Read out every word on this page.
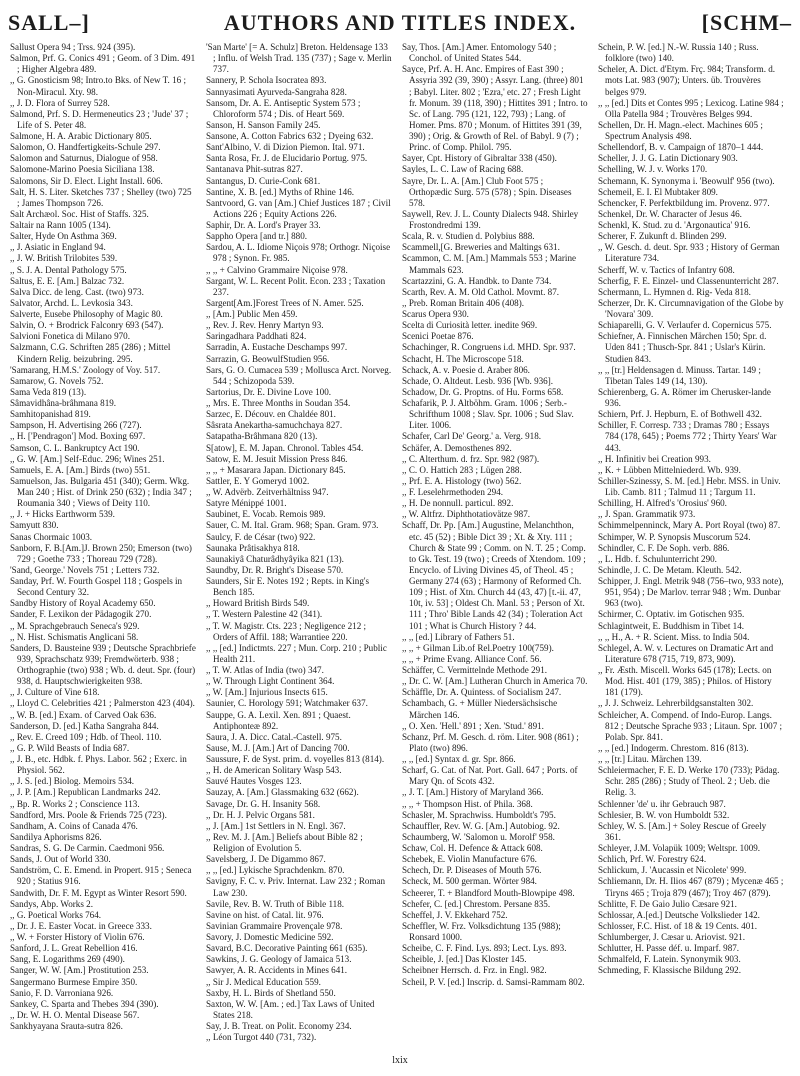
SALL–]	AUTHORS AND TITLES INDEX.	[SCHM–

Sallust Opera 94 ; Trss. 924 (395).

Salmon, Prf. G. Conics 491 ; Geom. of 3 Dim. 491 ; Higher Algebra 489.

,, G. Gnosticism 98; Intro.to Bks. of New T. 16 ; Non-Miracul. Xty. 98.

,, J. D. Flora of Surrey 528.

Salmond, Prf. S. D. Hermeneutics 23 ; 'Jude' 37 ; Life of S. Peter 48.

Salmone, H. A. Arabic Dictionary 805.

Salomon, O. Handfertigkeits-Schule 297.

Salomon and Saturnus, Dialogue of 958.

Salomone-Marino Poesia Siciliana 138.

Salomons, Sir D. Elect. Light Install. 606.

Salt, H. S. Liter. Sketches 737 ; Shelley (two) 725 ; James Thompson 726.

Salt Archæol. Soc. Hist of Staffs. 325.

Saltair na Rann 1005 (134).

Salter, Hyde On Asthma 369.

,, J. Asiatic in England 94.

,, J. W. British Trilobites 539.

,, S. J. A. Dental Pathology 575.

Saltus, E. E. [Am.] Balzac 732.

Salva Dicc. de leng. Cast. (two) 973.

Salvator, Archd. L. Levkosia 343.

Salverte, Eusebe Philosophy of Magic 80.

Salvin, O. + Brodrick Falconry 693 (547).

Salvioni Fonetica di Milano 970.

Salzmann, C.G. Schriften 285 (286) ; Mittel Kindern Relig. beizubring. 295.

'Samarang, H.M.S.' Zoology of Voy. 517.

Samarow, G. Novels 752.

Sama Veda 819 (13).

Sâmavidhâna-brâhmana 819.

Samhitopanishad 819.

Sampson, H. Advertising 266 (727).

,, H. ['Pendragon'] Mod. Boxing 697.

Samson, C. L. Bankruptcy Act 190.

,, G. W. [Am.] Self-Educ. 296; Wines 251.

Samuels, E. A. [Am.] Birds (two) 551.

Samuelson, Jas. Bulgaria 451 (340); Germ. Wkg. Man 240 ; Hist. of Drink 250 (632) ; India 347 ; Roumania 340 ; Views of Deity 110.

,, J. + Hicks Earthworm 539.

Samyutt 830.

Sanas Chormaic 1003.

Sanborn, F. B.[Am.]J. Brown 250; Emerson (two) 729 ; Goethe 733 ; Thoreau 729 (728).

'Sand, George.' Novels 751 ; Letters 732.

Sanday, Prf. W. Fourth Gospel 118 ; Gospels in Second Century 32.

Sandby History of Royal Academy 650.

Sander, F. Lexikon der Pädagogik 270.

,, M. Sprachgebrauch Seneca's 929.

,, N. Hist. Schismatis Anglicani 58.

Sanders, D. Bausteine 939 ; Deutsche Sprachbriefe 939, Sprachschatz 939; Fremdwörterb. 938 ; Orthographie (two) 938 ; Wb. d. deut. Spr. (four) 938, d. Hauptschwierigkeiten 938.

,, J. Culture of Vine 618.

,, Lloyd C. Celebrities 421 ; Palmerston 423 (404).

,, W. B. [ed.] Exam. of Carved Oak 636.

Sanderson, D. [ed.] Katha Sangraha 844.

,, Rev. E. Creed 109 ; Hdb. of Theol. 110.

,, G. P. Wild Beasts of India 687.

,, J. B., etc. Hdbk. f. Phys. Labor. 562 ; Exerc. in Physiol. 562.

,, J. S. [ed.] Biolog. Memoirs 534.

,, J. P. [Am.] Republican Landmarks 242.

,, Bp. R. Works 2 ; Conscience 113.

Sandford, Mrs. Poole & Friends 725 (723).

Sandham, A. Coins of Canada 476.

Sandilya Aphorisms 826.

Sandras, S. G. De Carmin. Caedmoni 956.

Sands, J. Out of World 330.

Sandström, C. E. Emend. in Propert. 915 ; Seneca 920 ; Statius 916.

Sandwith, Dr. F. M. Egypt as Winter Resort 590.

Sandys, Abp. Works 2.

,, G. Poetical Works 764.

,, Dr. J. E. Easter Vocat. in Greece 333.

,, W. + Forster History of Violin 676.

Sanford, J. L. Great Rebellion 416.

Sang, E. Logarithms 269 (490).

Sanger, W. W. [Am.] Prostitution 253.

Sangermano Burmese Empire 350.

Sanio, F. D. Varroniana 926.

Sankey, C. Sparta and Thebes 394 (390).

,, Dr. W. H. O. Mental Disease 567.

Sankhyayana Srauta-sutra 826.

'San Marte' [= A. Schulz] Breton. Heldensage 133 ; Influ. of Welsh Trad. 135 (737) ; Sage v. Merlin 737.

Sannery, P. Schola Isocratea 893.

Sannyasimati Ayurveda-Sangraha 828.

Sansom, Dr. A. E. Antiseptic System 573 ; Chloroform 574 ; Dis. of Heart 569.

Sanson, H. Sanson Family 245.

Sansone, A. Cotton Fabrics 632 ; Dyeing 632.

Sant'Albino, V. di Dizion Piemon. Ital. 971.

Santa Rosa, Fr. J. de Elucidario Portug. 975.

Santanava Phit-sutras 827.

Santangus, D. Curie-Conk 681.

Santine, X. B. [ed.] Myths of Rhine 146.

Santvoord, G. van [Am.] Chief Justices 187 ; Civil Actions 226 ; Equity Actions 226.

Saphir, Dr. A. Lord's Prayer 33.

Sappho Opera [and tr.] 880.

Sardou, A. L. Idiome Niçois 978; Orthogr. Niçoise 978 ; Synon. Fr. 985.

,, ,, + Calvino Grammaire Niçoise 978.

Sargant, W. L. Recent Polit. Econ. 233 ; Taxation 237.

Sargent[Am.]Forest Trees of N. Amer. 525.

,, [Am.] Public Men 459.

,, Rev. J. Rev. Henry Martyn 93.

Saringadhara Paddhati 824.

Sarradin, A. Eustache Deschamps 997.

Sarrazin, G. BeowulfStudien 956.

Sars, G. O. Cumacea 539 ; Mollusca Arct. Norveg. 544 ; Schizopoda 539.

Sartorius, Dr. E. Divine Love 100.

,, Mrs. E. Three Months in Soudan 354.

Sarzec, E. Découv. en Chaldée 801.

Sâsrata Anekartha-samuchchaya 827.

Satapatha-Brâhmana 820 (13).

S[atow], E. M. Japan. Chronol. Tables 454.

Satow, E. M. Jesuit Mission Press 846.

,, ,, + Masarara Japan. Dictionary 845.

Sattler, E. Y Gomeryd 1002.

,, W. Advërb. Zeitverhältniss 947.

Satyre Ménippé 1001.

Saubinet, E. Vocab. Remois 989.

Sauer, C. M. Ital. Gram. 968; Span. Gram. 973.

Saulcy, F. de César (two) 922.

Saunaka Prâtisakhya 818.

Saunakiyâ Chaturâdhyâyika 821 (13).

Saundby, Dr. R. Bright's Disease 570.

Saunders, Sir E. Notes 192 ; Repts. in King's Bench 185.

,, Howard British Birds 549.

,, T. Western Palestine 42 (341).

,, T. W. Magistr. Cts. 223 ; Negligence 212 ; Orders of Affil. 188; Warrantiee 220.

,, ,, [ed.] Indictmts. 227 ; Mun. Corp. 210 ; Public Health 211.

,, T. W. Atlas of India (two) 347.

,, W. Through Light Continent 364.

,, W. [Am.] Injurious Insects 615.

Saunier, C. Horology 591; Watchmaker 637.

Sauppe, G. A. Lexil. Xen. 891 ; Quaest. Antiphonteæ 892.

Saura, J. A. Dicc. Catal.-Castell. 975.

Sause, M. J. [Am.] Art of Dancing 700.

Saussure, F. de Syst. prim. d. voyelles 813 (814).

,, H. de American Solitary Wasp 543.

Sauvé Hautes Vosges 123.

Sauzay, A. [Am.] Glassmaking 632 (662).

Savage, Dr. G. H. Insanity 568.

,, Dr. H. J. Pelvic Organs 581.

,, J. [Am.] 1st Settlers in N. Engl. 367.

,, Rev. M. J. [Am.] Beliefs about Bible 82 ; Religion of Evolution 5.

Savelsberg, J. De Digammo 867.

,, ,, [ed.] Lykische Sprachdenkm. 870.

Savigny, F. C. v. Priv. Internat. Law 232 ; Roman Law 230.

Savile, Rev. B. W. Truth of Bible 118.

Savine on hist. of Catal. lit. 976.

Savinian Grammaire Provençale 978.

Savory, J. Domestic Medicine 592.

Savard, B.C. Decorative Painting 661 (635).

Sawkins, J. G. Geology of Jamaica 513.

Sawyer, A. R. Accidents in Mines 641.

,, Sir J. Medical Education 559.

Saxby, H. L. Birds of Shetland 550.

Saxton, W. W. [Am. ; ed.] Tax Laws of United States 218.

Say, J. B. Treat. on Polit. Economy 234.

,, Léon Turgot 440 (731, 732).

Say, Thos. [Am.] Amer. Entomology 540 ; Conchol. of United States 544.

Sayce, Prf. A. H. Anc. Empires of East 390 ; Assyria 392 (39, 390) ; Assyr. Lang. (three) 801 ; Babyl. Liter. 802 ; 'Ezra,' etc. 27 ; Fresh Light fr. Monum. 39 (118, 390) ; Hittites 391 ; Intro. to Sc. of Lang. 795 (121, 122, 793) ; Lang. of Homer. Pms. 870 ; Monum. of Hittites 391 (39, 390) ; Orig. & Growth of Rel. of Babyl. 9 (7) ; Princ. of Comp. Philol. 795.

Sayer, Cpt. History of Gibraltar 338 (450).

Sayles, L. C. Law of Racing 688.

Sayre, Dr. L. A. [Am.] Club Foot 575 ; Orthopædic Surg. 575 (578) ; Spin. Diseases 578.

Saywell, Rev. J. L. County Dialects 948. Shirley Frostondredmi 139.

Scala, R. v. Studien d. Polybius 888.

Scammell,[G. Breweries and Maltings 631.

Scammon, C. M. [Am.] Mammals 553 ; Marine Mammals 623.

Scartazzini, G. A. Handbk. to Dante 734.

Scarth, Rev. A. M. Old Cathol. Movmt. 87.

,, Preb. Roman Britain 406 (408).

Scarus Opera 930.

Scelta di Curiosità letter. inedite 969.

Scenici Poetae 876.

Schachinger, R. Congruens i.d. MHD. Spr. 937.

Schacht, H. The Microscope 518.

Schack, A. v. Poesie d. Araber 806.

Schade, O. Altdeut. Lesb. 936 [Wb. 936].

Schadow, Dr. G. Proptns. of Hu. Forms 658.

Schafarik, P. J. Altböhm. Gram. 1006 ; Serb.-Schrifthum 1008 ; Slav. Spr. 1006 ; Sud Slav. Liter. 1006.

Schafer, Carl De' Georg.' a. Verg. 918.

Schäfer, A. Demosthenes 892.

,, C. Alterthum. d. frz. Spr. 982 (987).

,, C. O. Hattich 283 ; Lügen 288.

,, Prf. E. A. Histology (two) 562.

,, F. Leselehrmethoden 294.

,, H. De nonnull. particul. 892.

,, W. Altfrz. Diphthotatiovätze 987.

Schaff, Dr. Pp. [Am.] Augustine, Melanchthon, etc. 45 (52) ; Bible Dict 39 ; Xt. & Xty. 111 ; Church & State 99 ; Comm. on N. T. 25 ; Comp. to Gk. Test. 19 (two) ; Creeds of Xtendom. 109 ; Encyclo. of Living Divines 45, of Theol. 45 ; Germany 274 (63) ; Harmony of Reformed Ch. 109 ; Hist. of Xtn. Church 44 (43, 47) [t.-ii. 47, 10t, iv. 53] ; Oldest Ch. Manl. 53 ; Person of Xt. 111 ; Thro' Bible Lands 42 (34) ; Toleration Act 101 ; What is Church History ? 44.

,, ,, [ed.] Library of Fathers 51.

,, ,, + Gilman Lib.of Rel.Poetry 100(759).

,, ,, + Prime Evang. Alliance Conf. 56.

Schäffer, C. Vermittelnde Methode 291.

,, Dr. C. W. [Am.] Lutheran Church in America 70.

Schäffle, Dr. A. Quintess. of Socialism 247.

Schambach, G. + Müller Niedersächsische Märchen 146.

,, O. Xen. 'Hell.' 891 ; Xen. 'Stud.' 891.

Schanz, Prf. M. Gesch. d. röm. Liter. 908 (861) ; Plato (two) 896.

,, ,, [ed.] Syntax d. gr. Spr. 866.

Scharf, G. Cat. of Nat. Port. Gall. 647 ; Ports. of Mary Qn. of Scots 432.

,, J. T. [Am.] History of Maryland 366.

,, ,, + Thompson Hist. of Phila. 368.

Schasler, M. Sprachwiss. Humboldt's 795.

Schauffler, Rev. W. G. [Am.] Autobiog. 92.

Schaumberg, W. 'Salomon u. Morolf' 958.

Schaw, Col. H. Defence & Attack 608.

Schebek, E. Violin Manufacture 676.

Schech, Dr. P. Diseases of Mouth 576.

Scheck, M. 500 german. Wörter 984.

Scheerer, T. + Blandford Mouth-Blowpipe 498.

Schefer, C. [ed.] Chrestom. Persane 835.

Scheffel, J. V. Ekkehard 752.

Scheffler, W. Frz. Volksdichtung 135 (988); Ronsard 1000.

Scheibe, C. F. Find. Lys. 893; Lect. Lys. 893.

Scheible, J. [ed.] Das Kloster 145.

Scheibner Herrsch. d. Frz. in Engl. 982.

Scheil, P. V. [ed.] Inscrip. d. Samsi-Rammam 802.

Schein, P. W. [ed.] N.-W. Russia 140 ; Russ. folklore (two) 140.

Scheler, A. Dict. d'Etym. Frç. 984; Transform. d. mots Lat. 983 (907); Unters. üb. Trouvères belges 979.

,, ,, [ed.] Dits et Contes 995 ; Lexicog. Latine 984 ; Olla Patella 984 ; Trouvères Belges 994.

Schellen, Dr. H. Magn.-elect. Machines 605 ; Spectrum Analysis 498.

Schellendorf, B. v. Campaign of 1870–1 444.

Scheller, J. J. G. Latin Dictionary 903.

Schelling, W. J. v. Works 170.

Schemann, K. Synonyma i. 'Beowulf' 956 (two).

Schemeil, E. I. El Mubtaker 809.

Schencker, F. Perfektbildung im. Provenz. 977.

Schenkel, Dr. W. Character of Jesus 46.

Schenkl, K. Stud. zu d. 'Argonautica' 916.

Scherer, F. Zukunft d. Blinden 299.

,, W. Gesch. d. deut. Spr. 933 ; History of German Literature 734.

Scherff, W. v. Tactics of Infantry 608.

Scherfig, F. E. Einzel- und Classenunterricht 287.

Schermann, L. Hymnen d. Rig- Veda 818.

Scherzer, Dr. K. Circumnavigation of the Globe by 'Novara' 309.

Schiaparelli, G. V. Verlaufer d. Copernicus 575.

Schiefner, A. Finnischen Märchen 150; Spr. d. Uden 841 ; Thusch-Spr. 841 ; Uslar's Kürin. Studien 843.

,, ,, [tr.] Heldensagen d. Minuss. Tartar. 149 ; Tibetan Tales 149 (14, 130).

Schierenberg, G. A. Römer im Cherusker-lande 936.

Schiern, Prf. J. Hepburn, E. of Bothwell 432.

Schiller, F. Corresp. 733 ; Dramas 780 ; Essays 784 (178, 645) ; Poems 772 ; Thirty Years' War 443.

,, H. Infinitiv bei Creation 993.

,, K. + Lübben Mittelniederd. Wb. 939.

Schiller-Szinessy, S. M. [ed.] Hebr. MSS. in Univ. Lib. Camb. 811 ; Talmud 11 ; Targum 11.

Schilling, H. Alfred's 'Orosius' 960.

,, J. Span. Grammatik 973.

Schimmelpenninck, Mary A. Port Royal (two) 87.

Schimper, W. P. Synopsis Muscorum 524.

Schindler, C. F. De Soph. verb. 886.

,, L. Hdb. f. Schulunterricht 290.

Schindle, J. C. De Metam. Kleuth. 542.

Schipper, J. Engl. Metrik 948 (756–two, 933 note), 951, 954) ; De Marlov. terrar 948 ; Wm. Dunbar 963 (two).

Schirmer, C. Optativ. im Gotischen 935.

Schlagintweit, E. Buddhism in Tibet 14.

,, ,, H., A. + R. Scient. Miss. to India 504.

Schlegel, A. W. v. Lectures on Dramatic Art and Literature 678 (715, 719, 873, 909).

,, Fr. Æsth. Miscell. Works 645 (178); Lects. on Mod. Hist. 401 (179, 385) ; Philos. of History 181 (179).

,, J. J. Schweiz. Lehrerbildgsanstalten 302.

Schleicher, A. Compend. of Indo-Europ. Langs. 812 ; Deutsche Sprache 933 ; Litaun. Spr. 1007 ; Polab. Spr. 841.

,, ,, [ed.] Indogerm. Chrestom. 816 (813).

,, ,, [tr.] Litau. Märchen 139.

Schleiermacher, F. E. D. Werke 170 (733); Pädag. Schr. 285 (286) ; Study of Theol. 2 ; Ueb. die Relig. 3.

Schlenner 'de' u. ihr Gebrauch 987.

Schlesier, B. W. von Humboldt 532.

Schley, W. S. [Am.] + Soley Rescue of Greely 361.

Schleyer, J.M. Volapük 1009; Weltspr. 1009.

Schlich, Prf. W. Forestry 624.

Schlickum, J. 'Aucassin et Nicolete' 999.

Schliemann, Dr. H. Ilios 467 (879) ; Mycenæ 465 ; Tiryns 465 ; Troja 879 (467); Troy 467 (879).

Schlitte, F. De Gaio Julio Cæsare 921.

Schlossar, A.[ed.] Deutsche Volkslieder 142.

Schlosser, F.C. Hist. of 18 & 19 Cents. 401.

Schlumberger, J. Cæsar u. Ariovist. 921.

Schlutter, H. Passe déf. u. Imparf. 987.

Schmalfeld, F. Latein. Synonymik 903.

Schmeding, F. Klassische Bildung 292.

lxix
